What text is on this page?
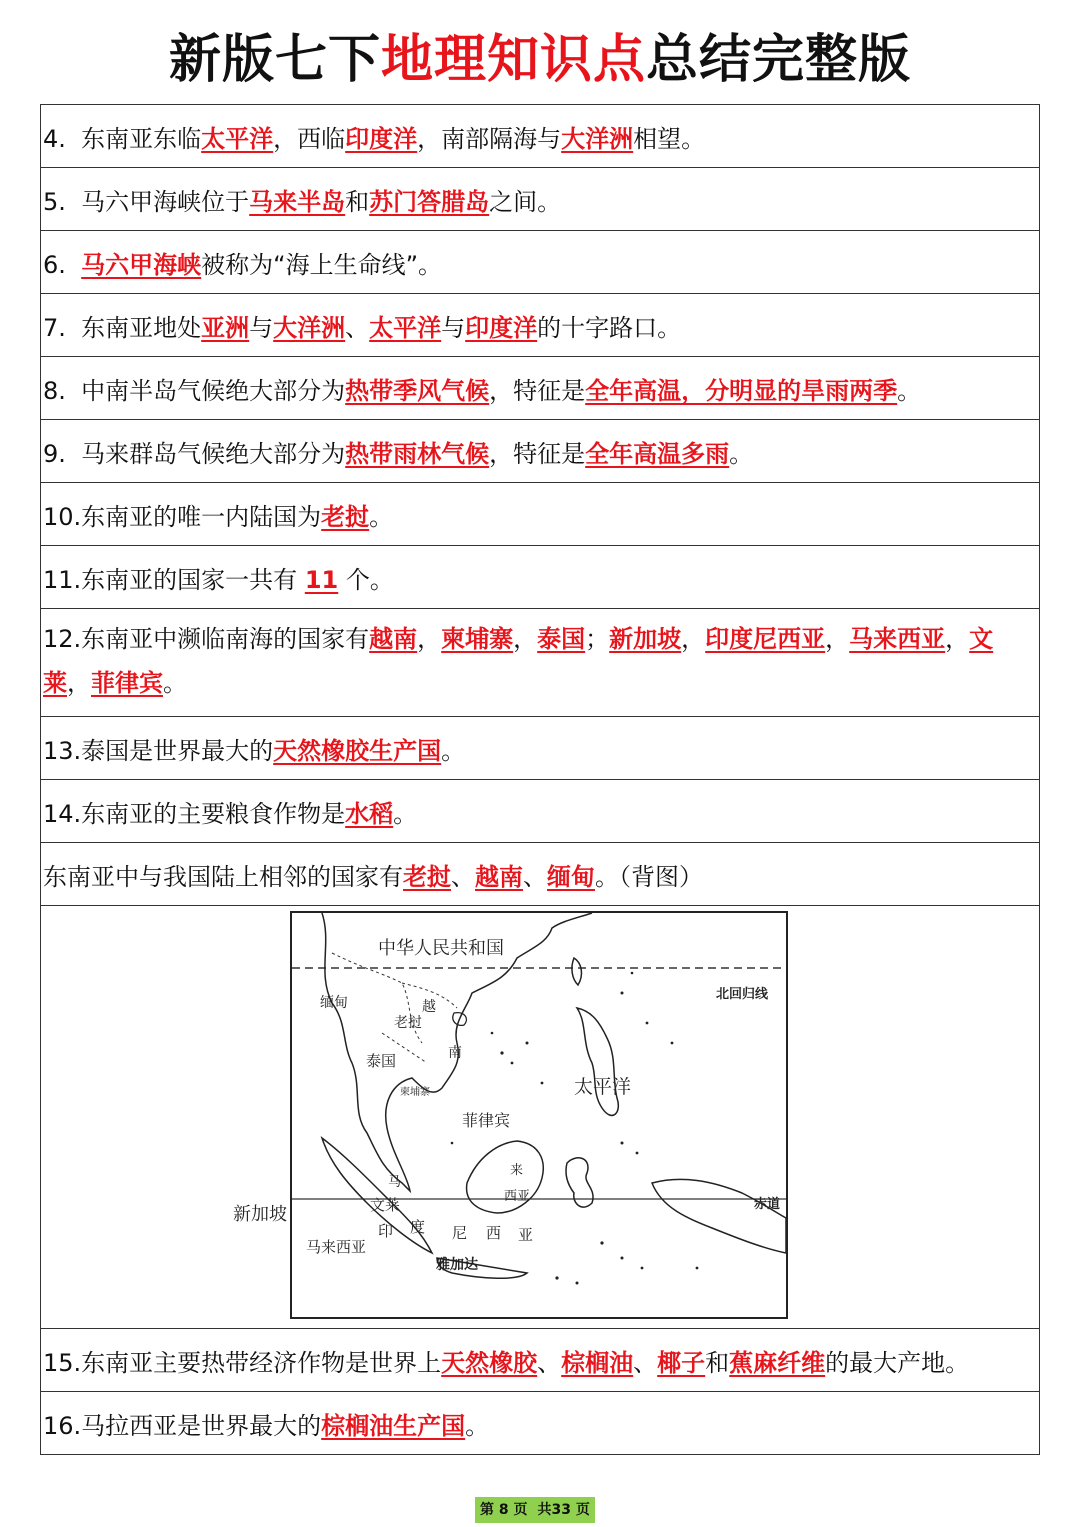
新版七下地理知识点总结完整版
4. 东南亚东临太平洋，西临印度洋，南部隔海与大洋洲相望。
5. 马六甲海峡位于马来半岛和苏门答腊岛之间。
6. 马六甲海峡被称为“海上生命线”。
7. 东南亚地处亚洲与大洋洲、太平洋与印度洋的十字路口。
8. 中南半岛气候绝大部分为热带季风气候，特征是全年高温，分明显的旱雨两季。
9. 马来群岛气候绝大部分为热带雨林气候，特征是全年高温多雨。
10.东南亚的唯一内陆国为老挝。
11.东南亚的国家一共有 11 个。
12.东南亚中濒临南海的国家有越南，柬埔寨，泰国；新加坡，印度尼西亚，马来西亚，文莱，菲律宾。
13.泰国是世界最大的天然橡胶生产国。
14.东南亚的主要粮食作物是水稻。
东南亚中与我国陆上相邻的国家有老挝、越南、缅甸。（背图）
新加坡
中华人民共和国
北回归线
缅甸
老挝
越
南
泰国
柬埔寨	太平洋
菲律宾
马
来
西亚
文莱	赤道
马来西亚
印 度 尼 西 亚
雅加达
15.东南亚主要热带经济作物是世界上天然橡胶、棕榈油、椰子和蕉麻纤维的最大产地。
16.马拉西亚是世界最大的棕榈油生产国。
第 8 页 共33 页
